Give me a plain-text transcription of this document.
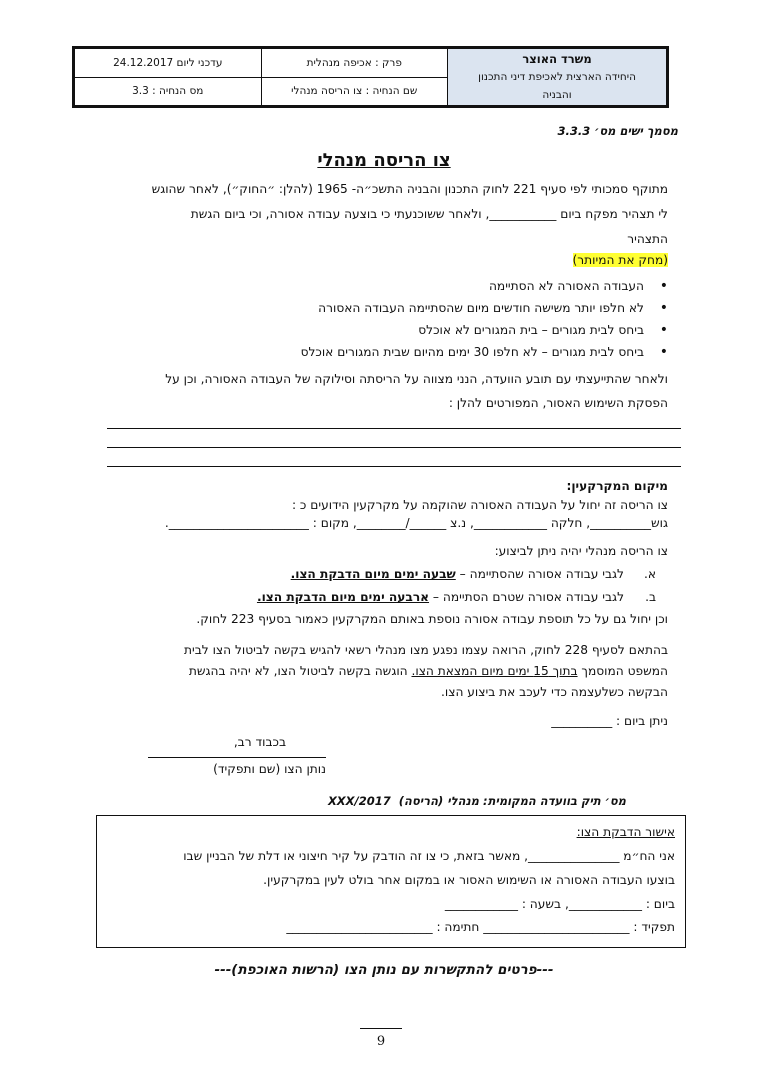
משרד האוצר
היחידה הארצית לאכיפת דיני התכנון
והבניה
פרק : אכיפה מנהלית
שם הנחיה : צו הריסה מנהלי
עדכני ליום 24.12.2017
מס הנחיה : 3.3
מסמך ישים מס׳ 3.3.3
צו הריסה מנהלי

מתוקף סמכותי לפי סעיף 221 לחוק התכנון והבניה התשכ״ה- 1965 (להלן: ״החוק״), לאחר שהוגש

לי תצהיר מפקח ביום ___________, ולאחר ששוכנעתי כי בוצעה עבודה אסורה, וכי ביום הגשת

התצהיר

(מחק את המיותר)

• העבודה האסורה לא הסתיימה
• לא חלפו יותר משישה חודשים מיום שהסתיימה העבודה האסורה
• ביחס לבית מגורים – בית המגורים לא אוכלס
• ביחס לבית מגורים – לא חלפו 30 ימים מהיום שבית המגורים אוכלס

ולאחר שהתייעצתי עם תובע הוועדה, הנני מצווה על הריסתה וסילוקה של העבודה האסורה, וכן על

הפסקת השימוש האסור, המפורטים להלן :

מיקום המקרקעין:

צו הריסה זה יחול על העבודה האסורה שהוקמה על מקרקעין הידועים כ :

גוש__________, חלקה ____________, נ.צ ______/________, מקום : _______________________.

צו הריסה מנהלי יהיה ניתן לביצוע:

א.

לגבי עבודה אסורה שהסתיימה – שבעה ימים מיום הדבקת הצו.

ב.

לגבי עבודה אסורה שטרם הסתיימה – ארבעה ימים מיום הדבקת הצו.

וכן יחול גם על כל תוספת עבודה אסורה נוספת באותם המקרקעין כאמור בסעיף 223 לחוק.

בהתאם לסעיף 228 לחוק, הרואה עצמו נפגע מצו מנהלי רשאי להגיש בקשה לביטול הצו לבית

המשפט המוסמך בתוך 15 ימים מיום המצאת הצו. הוגשה בקשה לביטול הצו, לא יהיה בהגשת

הבקשה כשלעצמה כדי לעכב את ביצוע הצו.

ניתן ביום : __________

בכבוד רב,

נותן הצו (שם ותפקיד)

מס׳ תיק בוועדה המקומית: מנהלי (הריסה)  2017/XXX

אישור הדבקת הצו:

אני הח״מ _______________, מאשר בזאת, כי צו זה הודבק על קיר חיצוני או דלת של הבניין שבו

בוצעו העבודה האסורה או השימוש האסור או במקום אחר בולט לעין במקרקעין.

ביום : ____________, בשעה : ____________

תפקיד : ________________________ חתימה : ________________________

---פרטים להתקשרות עם נותן הצו (הרשות האוכפת)---
9
